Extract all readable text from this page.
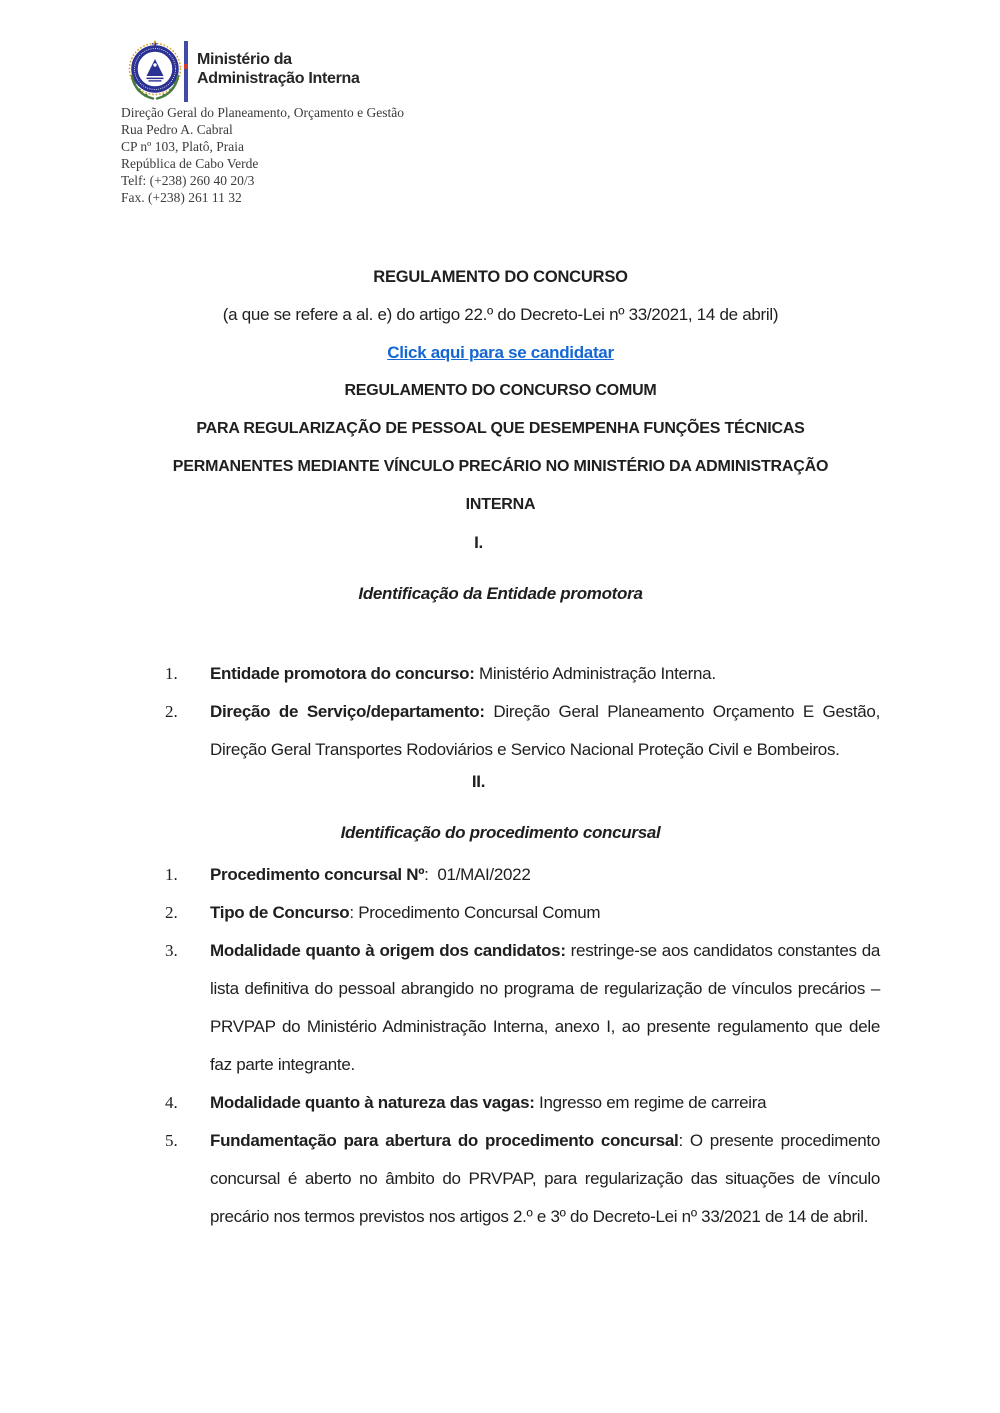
Ministério da
Administração Interna
Direção Geral do Planeamento, Orçamento e Gestão
Rua Pedro A. Cabral
CP nº 103, Platô, Praia
República de Cabo Verde
Telf: (+238) 260 40 20/3
Fax. (+238) 261 11 32
REGULAMENTO DO CONCURSO
(a que se refere a al. e) do artigo 22.º do Decreto-Lei nº 33/2021, 14 de abril)
Click aqui para se candidatar
REGULAMENTO DO CONCURSO COMUM
PARA REGULARIZAÇÃO DE PESSOAL QUE DESEMPENHA FUNÇÕES TÉCNICAS
PERMANENTES MEDIANTE VÍNCULO PRECÁRIO NO MINISTÉRIO DA ADMINISTRAÇÃO
INTERNA
I.
Identificação da Entidade promotora
1. Entidade promotora do concurso: Ministério Administração Interna.
2. Direção de Serviço/departamento: Direção Geral Planeamento Orçamento E Gestão, Direção Geral Transportes Rodoviários e Servico Nacional Proteção Civil e Bombeiros.
II.
Identificação do procedimento concursal
1. Procedimento concursal Nº:  01/MAI/2022
2. Tipo de Concurso: Procedimento Concursal Comum
3. Modalidade quanto à origem dos candidatos: restringe-se aos candidatos constantes da lista definitiva do pessoal abrangido no programa de regularização de vínculos precários – PRVPAP do Ministério Administração Interna, anexo I, ao presente regulamento que dele faz parte integrante.
4. Modalidade quanto à natureza das vagas: Ingresso em regime de carreira
5. Fundamentação para abertura do procedimento concursal: O presente procedimento concursal é aberto no âmbito do PRVPAP, para regularização das situações de vínculo precário nos termos previstos nos artigos 2.º e 3º do Decreto-Lei nº 33/2021 de 14 de abril.
